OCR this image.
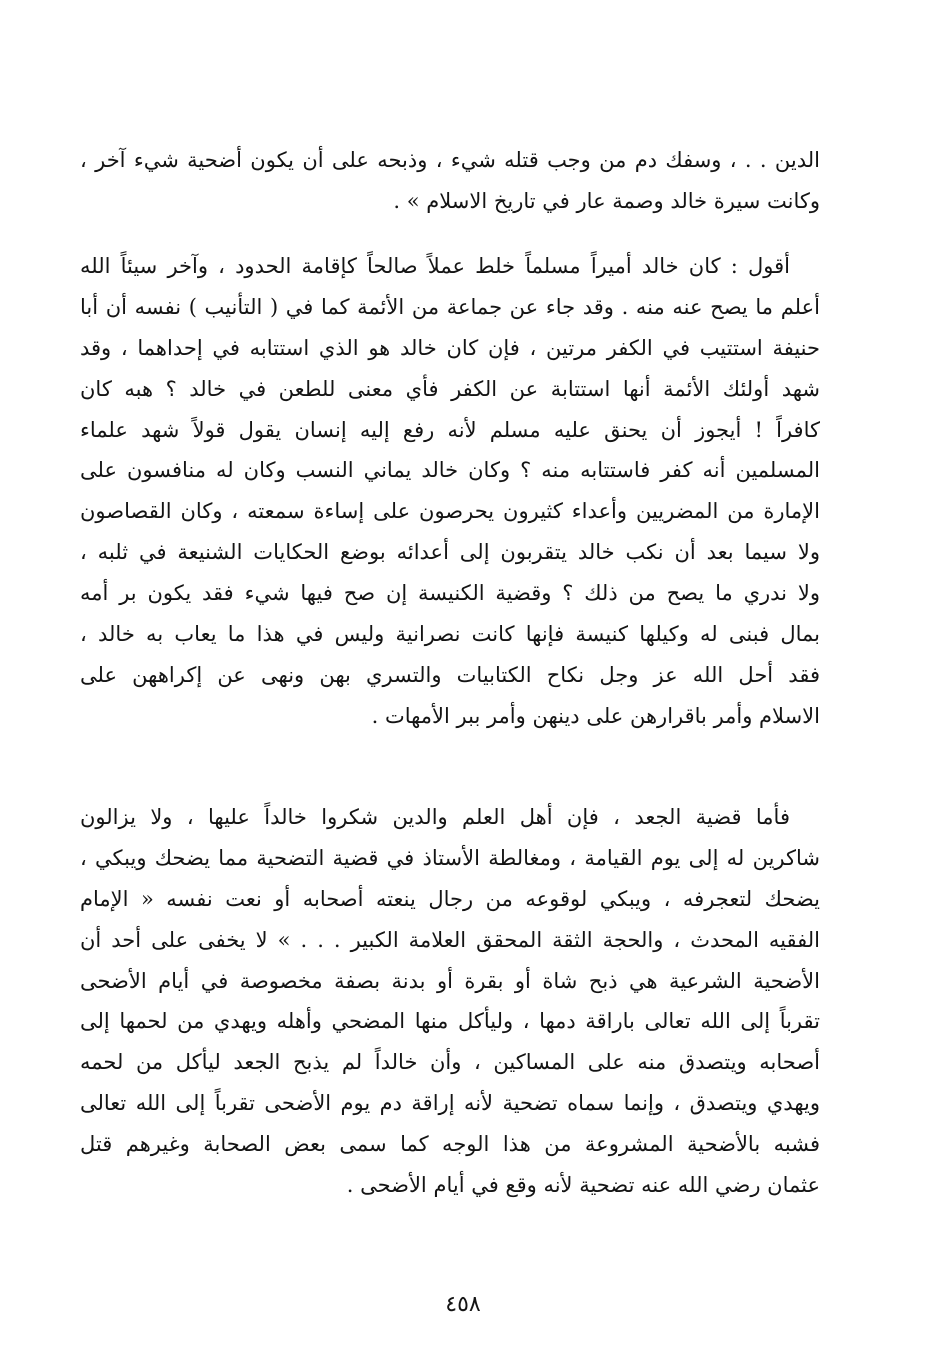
الدين . . ، وسفك دم من وجب قتله شيء ، وذبحه على أن يكون أضحية شيء آخر ،
وكانت سيرة خالد وصمة عار في تاريخ الاسلام » .
أقول : كان خالد أميراً مسلماً خلط عملاً صالحاً كإقامة الحدود ، وآخر سيئاً الله
أعلم ما يصح عنه منه . وقد جاء عن جماعة من الأئمة كما في ( التأنيب ) نفسه أن أبا
حنيفة استتيب في الكفر مرتين ، فإن كان خالد هو الذي استتابه في إحداهما ، وقد
شهد أولئك الأئمة أنها استتابة عن الكفر فأي معنى للطعن في خالد ؟ هبه كان
كافراً ! أيجوز أن يحنق عليه مسلم لأنه رفع إليه إنسان يقول قولاً شهد علماء
المسلمين أنه كفر فاستتابه منه ؟ وكان خالد يماني النسب وكان له منافسون على
الإمارة من المضريين وأعداء كثيرون يحرصون على إساءة سمعته ، وكان القصاصون
ولا سيما بعد أن نكب خالد يتقربون إلى أعدائه بوضع الحكايات الشنيعة في ثلبه ،
ولا ندري ما يصح من ذلك ؟ وقضية الكنيسة إن صح فيها شيء فقد يكون بر أمه
بمال فبنى له وكيلها كنيسة فإنها كانت نصرانية وليس في هذا ما يعاب به خالد ،
فقد أحل الله عز وجل نكاح الكتابيات والتسري بهن ونهى عن إكراههن على
الاسلام وأمر باقرارهن على دينهن وأمر ببر الأمهات .
فأما قضية الجعد ، فإن أهل العلم والدين شكروا خالداً عليها ، ولا يزالون
شاكرين له إلى يوم القيامة ، ومغالطة الأستاذ في قضية التضحية مما يضحك ويبكي ،
يضحك لتعجرفه ، ويبكي لوقوعه من رجال ينعته أصحابه أو نعت نفسه « الإمام
الفقيه المحدث ، والحجة الثقة المحقق العلامة الكبير . . . » لا يخفى على أحد أن
الأضحية الشرعية هي ذبح شاة أو بقرة أو بدنة بصفة مخصوصة في أيام الأضحى
تقرباً إلى الله تعالى باراقة دمها ، وليأكل منها المضحي وأهله ويهدي من لحمها إلى
أصحابه ويتصدق منه على المساكين ، وأن خالداً لم يذبح الجعد ليأكل من لحمه
ويهدي ويتصدق ، وإنما سماه تضحية لأنه إراقة دم يوم الأضحى تقرباً إلى الله تعالى
فشبه بالأضحية المشروعة من هذا الوجه كما سمى بعض الصحابة وغيرهم قتل
عثمان رضي الله عنه تضحية لأنه وقع في أيام الأضحى .
٤٥٨
